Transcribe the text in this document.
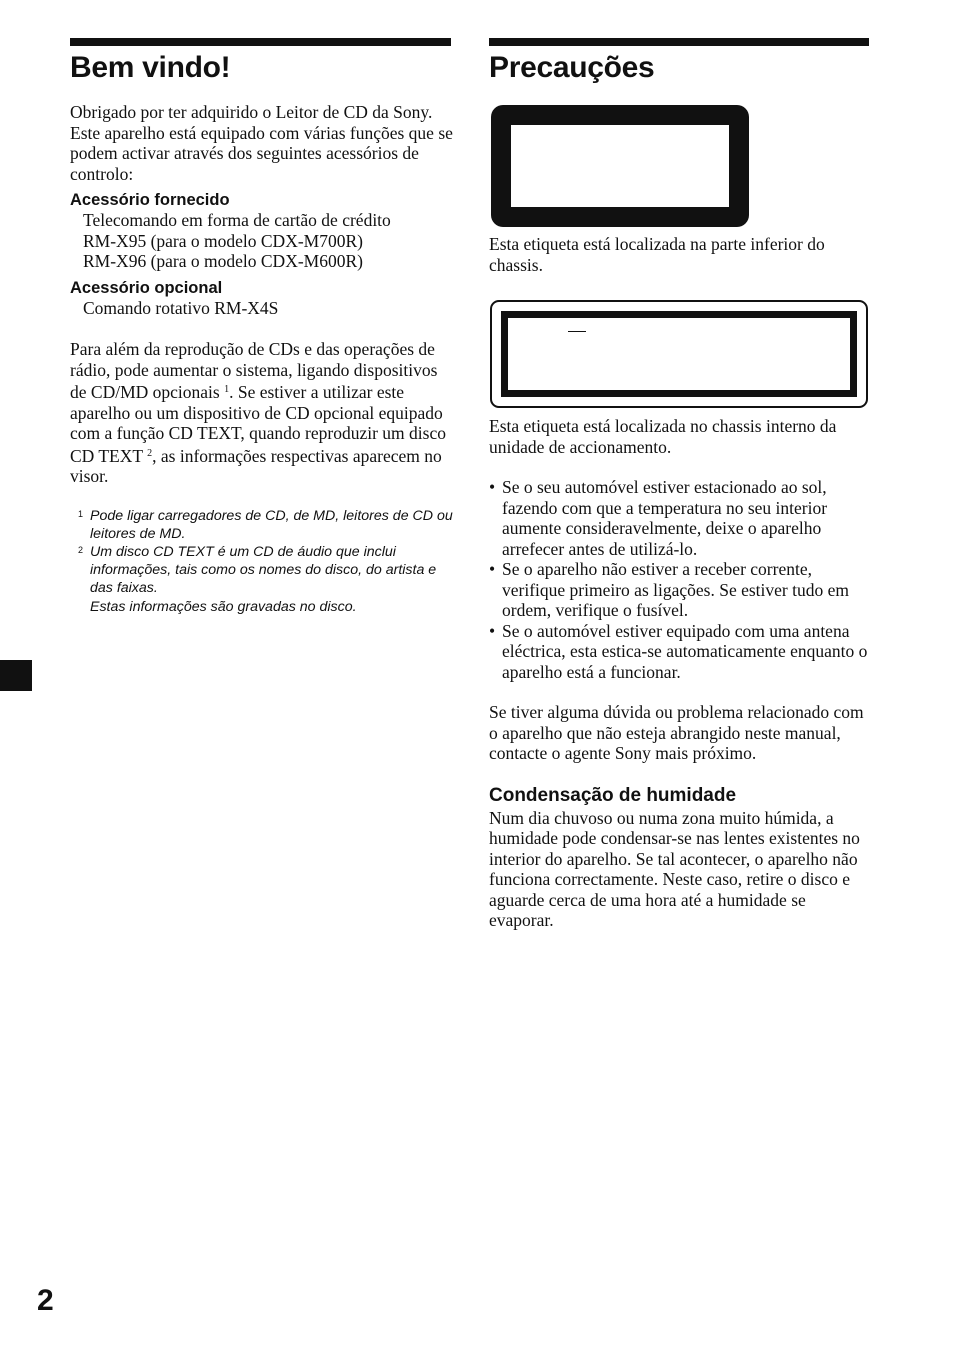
Bem vindo!

Obrigado por ter adquirido o Leitor de CD da Sony. Este aparelho está equipado com várias funções que se podem activar através dos seguintes acessórios de controlo:

Acessório fornecido
Telecomando em forma de cartão de crédito
RM-X95 (para o modelo CDX-M700R)
RM-X96 (para o modelo CDX-M600R)
Acessório opcional
Comando rotativo RM-X4S

Para além da reprodução de CDs e das operações de rádio, pode aumentar o sistema, ligando dispositivos de CD/MD opcionais $^1$. Se estiver a utilizar este aparelho ou um dispositivo de CD opcional equipado com a função CD TEXT, quando reproduzir um disco CD TEXT $^2$, as informações respectivas aparecem no visor.

1 Pode ligar carregadores de CD, de MD, leitores de CD ou leitores de MD.
2 Um disco CD TEXT é um CD de áudio que inclui informações, tais como os nomes do disco, do artista e das faixas.
Estas informações são gravadas no disco.
Precauções
Esta etiqueta está localizada na parte inferior do chassis.

Esta etiqueta está localizada no chassis interno da unidade de accionamento.

• Se o seu automóvel estiver estacionado ao sol, fazendo com que a temperatura no seu interior aumente consideravelmente, deixe o aparelho arrefecer antes de utilizá-lo.
• Se o aparelho não estiver a receber corrente, verifique primeiro as ligações. Se estiver tudo em ordem, verifique o fusível.
• Se o automóvel estiver equipado com uma antena eléctrica, esta estica-se automaticamente enquanto o aparelho está a funcionar.

Se tiver alguma dúvida ou problema relacionado com o aparelho que não esteja abrangido neste manual, contacte o agente Sony mais próximo.

Condensação de humidade

Num dia chuvoso ou numa zona muito húmida, a humidade pode condensar-se nas lentes existentes no interior do aparelho. Se tal acontecer, o aparelho não funciona correctamente. Neste caso, retire o disco e aguarde cerca de uma hora até a humidade se evaporar.

2
